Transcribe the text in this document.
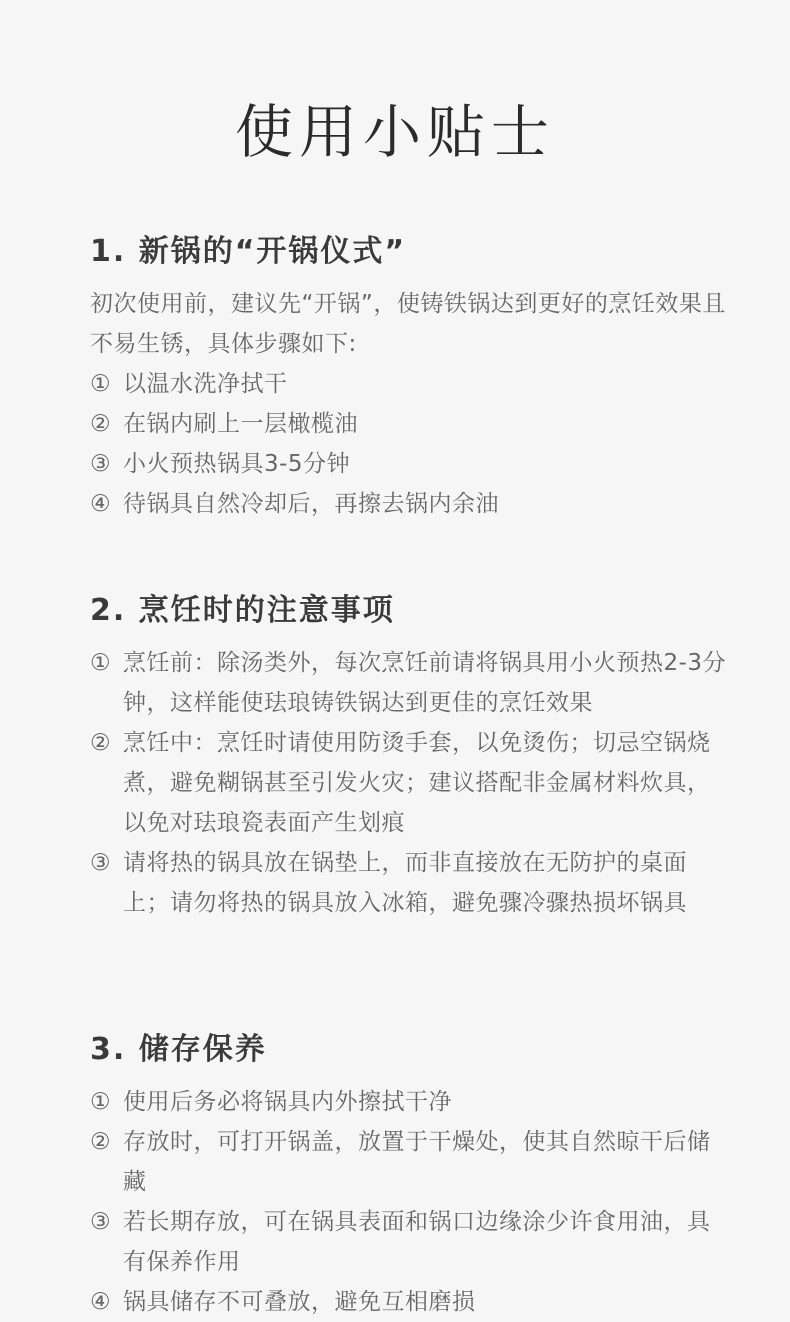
使用小贴士
1. 新锅的“开锅仪式”

初次使用前，建议先“开锅”，使铸铁锅达到更好的烹饪效果且不易生锈，具体步骤如下:

① 以温水洗净拭干
② 在锅内刷上一层橄榄油
③ 小火预热锅具3-5分钟
④ 待锅具自然冷却后，再擦去锅内余油
2. 烹饪时的注意事项
① 烹饪前：除汤类外，每次烹饪前请将锅具用小火预热2-3分钟，这样能使珐琅铸铁锅达到更佳的烹饪效果
② 烹饪中：烹饪时请使用防烫手套，以免烫伤；切忌空锅烧煮，避免糊锅甚至引发火灾；建议搭配非金属材料炊具，以免对珐琅瓷表面产生划痕
③ 请将热的锅具放在锅垫上，而非直接放在无防护的桌面上；请勿将热的锅具放入冰箱，避免骤冷骤热损坏锅具
3. 储存保养
① 使用后务必将锅具内外擦拭干净
② 存放时，可打开锅盖，放置于干燥处，使其自然晾干后储藏
③ 若长期存放，可在锅具表面和锅口边缘涂少许食用油，具有保养作用
④ 锅具储存不可叠放，避免互相磨损
